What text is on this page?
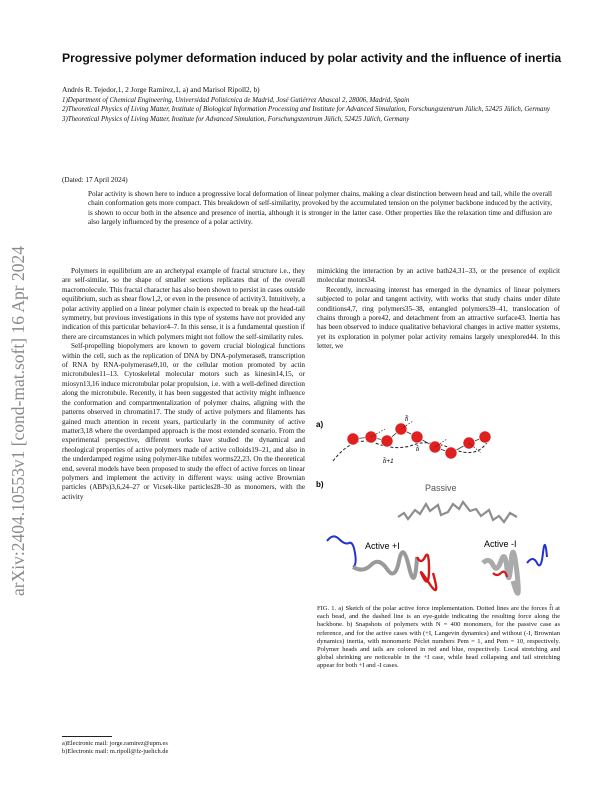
arXiv:2404.10553v1 [cond-mat.soft] 16 Apr 2024
Progressive polymer deformation induced by polar activity and the influence of inertia
Andrés R. Tejedor,1, 2 Jorge Ramírez,1, a) and Marisol Ripoll2, b)
1)Department of Chemical Engineering, Universidad Politécnica de Madrid, José Gutiérrez Abascal 2, 28006, Madrid, Spain
2)Theoretical Physics of Living Matter, Institute of Biological Information Processing and Institute for Advanced Simulation, Forschungszentrum Jülich, 52425 Jülich, Germany
3)Theoretical Physics of Living Matter, Institute for Advanced Simulation, Forschungszentrum Jülich, 52425 Jülich, Germany
(Dated: 17 April 2024)
Polar activity is shown here to induce a progressive local deformation of linear polymer chains, making a clear distinction between head and tail, while the overall chain conformation gets more compact. This breakdown of self-similarity, provoked by the accumulated tension on the polymer backbone induced by the activity, is shown to occur both in the absence and presence of inertia, although it is stronger in the latter case. Other properties like the relaxation time and diffusion are also largely influenced by the presence of a polar activity.

Polymers in equilibrium are an archetypal example of fractal structure i.e., they are self-similar, so the shape of smaller sections replicates that of the overall macromolecule. This fractal character has also been shown to persist in cases outside equilibrium, such as shear flow1,2, or even in the presence of activity3. Intuitively, a polar activity applied on a linear polymer chain is expected to break up the head-tail symmetry, but previous investigations in this type of systems have not provided any indication of this particular behavior4–7. In this sense, it is a fundamental question if there are circumstances in which polymers might not follow the self-similarity rules.

Self-propelling biopolymers are known to govern crucial biological functions within the cell, such as the replication of DNA by DNA-polymerase8, transcription of RNA by RNA-polymerase9,10, or the cellular motion promoted by actin microtubules11–13. Cytoskeletal molecular motors such as kinesin14,15, or miosyn13,16 induce microtubular polar propulsion, i.e. with a well-defined direction along the microtubule. Recently, it has been suggested that activity might influence the conformation and compartmentalization of polymer chains, aligning with the patterns observed in chromatin17. The study of active polymers and filaments has gained much attention in recent years, particularly in the community of active matter3,18 where the overdamped approach is the most extended scenario. From the experimental perspective, different works have studied the dynamical and rheological properties of active polymers made of active colloids19–21, and also in the underdamped regime using polymer-like tubifex worms22,23. On the theoretical end, several models have been proposed to study the effect of active forces on linear polymers and implement the activity in different ways: using active Brownian particles (ABPs)3,6,24–27 or Vicsek-like particles28–30 as monomers, with the activity

a)Electronic mail: jorge.ramirez@upm.es
b)Electronic mail: m.ripoll@fz-juelich.de

mimicking the interaction by an active bath24,31–33, or the presence of explicit molecular motors34.

Recently, increasing interest has emerged in the dynamics of linear polymers subjected to polar and tangent activity, with works that study chains under dilute conditions4,7, ring polymers35–38, entangled polymers39–41, translocation of chains through a pore42, and detachment from an attractive surface43. Inertia has has been observed to induce qualitative behavioral changes in active matter systems, yet its exploration in polymer polar activity remains largely unexplored44. In this letter, we

a)
f̂i
t̂i
t̂i+1
b)	Passive
Active +I	Active -I
FIG. 1. a) Sketch of the polar active force implementation. Dotted lines are the forces f̂i at each bead, and the dashed line is an eye-guide indicating the resulting force along the backbone. b) Snapshots of polymers with N = 400 monomers, for the passive case as reference, and for the active cases with (+I, Langevin dynamics) and without (-I, Brownian dynamics) inertia, with monomeric Péclet numbers Pem = 1, and Pem = 10, respectively. Polymer heads and tails are colored in red and blue, respectively. Local stretching and global shrinking are noticeable in the +I case, while head collapsing and tail stretching appear for both +I and -I cases.
